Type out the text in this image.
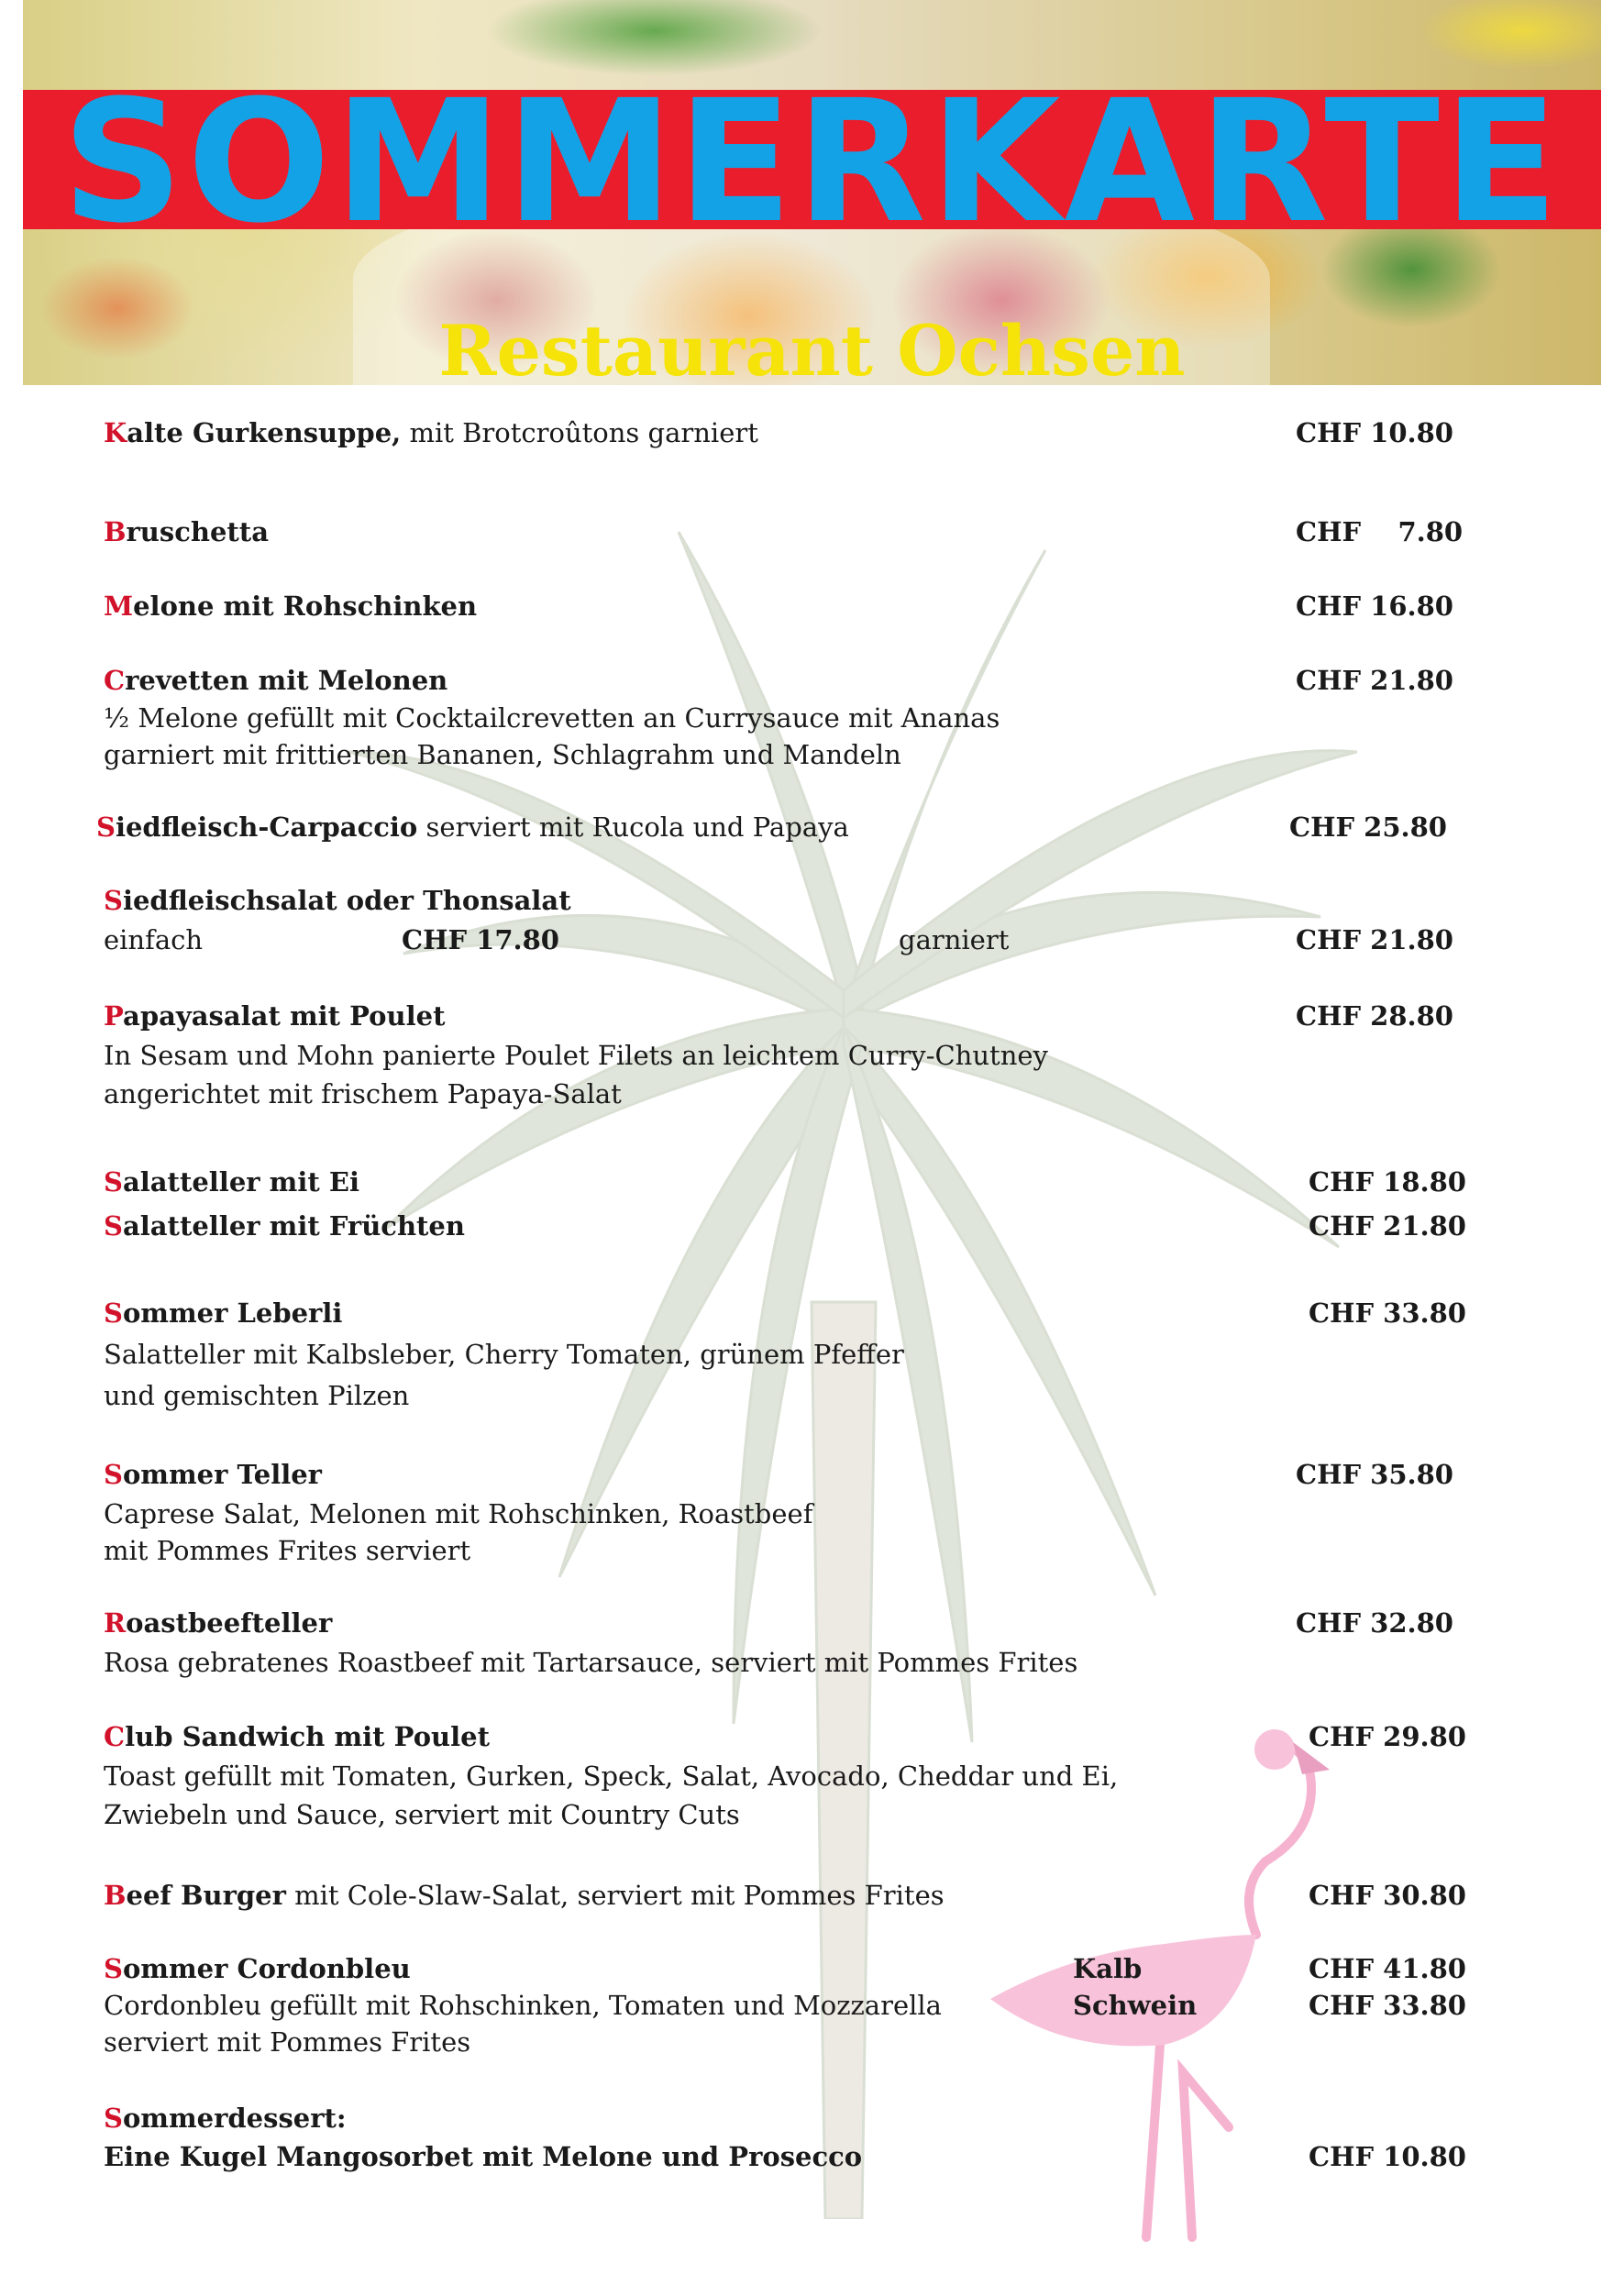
SOMMERKARTE
Restaurant Ochsen
Kalte Gurkensuppe, mit Brotcroûtons garniert	CHF 10.80
Bruschetta	CHF    7.80
Melone mit Rohschinken	CHF 16.80
Crevetten mit Melonen	CHF 21.80
½ Melone gefüllt mit Cocktailcrevetten an Currysauce mit Ananas
garniert mit frittierten Bananen, Schlagrahm und Mandeln
Siedfleisch-Carpaccio serviert mit Rucola und Papaya	CHF 25.80
Siedfleischsalat oder Thonsalat
einfach	CHF 17.80	garniert	CHF 21.80
Papayasalat mit Poulet	CHF 28.80
In Sesam und Mohn panierte Poulet Filets an leichtem Curry-Chutney
angerichtet mit frischem Papaya-Salat
Salatteller mit Ei	CHF 18.80
Salatteller mit Früchten	CHF 21.80
Sommer Leberli	CHF 33.80
Salatteller mit Kalbsleber, Cherry Tomaten, grünem Pfeffer
und gemischten Pilzen
Sommer Teller	CHF 35.80
Caprese Salat, Melonen mit Rohschinken, Roastbeef
mit Pommes Frites serviert
Roastbeefteller	CHF 32.80
Rosa gebratenes Roastbeef mit Tartarsauce, serviert mit Pommes Frites
Club Sandwich mit Poulet	CHF 29.80
Toast gefüllt mit Tomaten, Gurken, Speck, Salat, Avocado, Cheddar und Ei,
Zwiebeln und Sauce, serviert mit Country Cuts
Beef Burger mit Cole-Slaw-Salat, serviert mit Pommes Frites	CHF 30.80
Sommer Cordonbleu	Kalb	CHF 41.80
Cordonbleu gefüllt mit Rohschinken, Tomaten und Mozzarella	Schwein	CHF 33.80
serviert mit Pommes Frites
Sommerdessert:
Eine Kugel Mangosorbet mit Melone und Prosecco	CHF 10.80
